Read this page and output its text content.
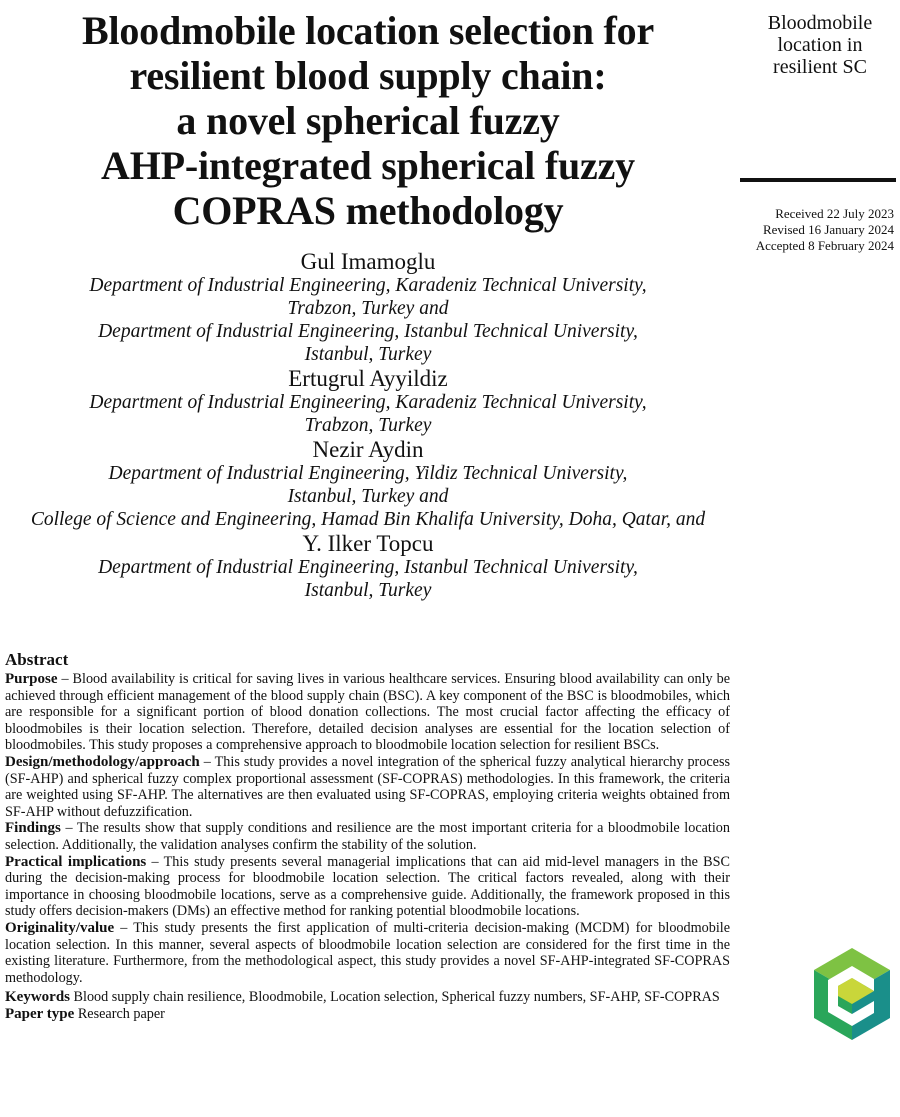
Bloodmobile location selection for
resilient blood supply chain:
a novel spherical fuzzy
AHP-integrated spherical fuzzy
COPRAS methodology
Gul Imamoglu
Department of Industrial Engineering, Karadeniz Technical University,
Trabzon, Turkey and
Department of Industrial Engineering, Istanbul Technical University,
Istanbul, Turkey
Ertugrul Ayyildiz
Department of Industrial Engineering, Karadeniz Technical University,
Trabzon, Turkey
Nezir Aydin
Department of Industrial Engineering, Yildiz Technical University,
Istanbul, Turkey and
College of Science and Engineering, Hamad Bin Khalifa University, Doha, Qatar, and
Y. Ilker Topcu
Department of Industrial Engineering, Istanbul Technical University,
Istanbul, Turkey
Bloodmobile
location in
resilient SC
Received 22 July 2023
Revised 16 January 2024
Accepted 8 February 2024
Abstract

Purpose – Blood availability is critical for saving lives in various healthcare services. Ensuring blood availability can only be achieved through efficient management of the blood supply chain (BSC). A key component of the BSC is bloodmobiles, which are responsible for a significant portion of blood donation collections. The most crucial factor affecting the efficacy of bloodmobiles is their location selection. Therefore, detailed decision analyses are essential for the location selection of bloodmobiles. This study proposes a comprehensive approach to bloodmobile location selection for resilient BSCs.

Design/methodology/approach – This study provides a novel integration of the spherical fuzzy analytical hierarchy process (SF-AHP) and spherical fuzzy complex proportional assessment (SF-COPRAS) methodologies. In this framework, the criteria are weighted using SF-AHP. The alternatives are then evaluated using SF-COPRAS, employing criteria weights obtained from SF-AHP without defuzzification.

Findings – The results show that supply conditions and resilience are the most important criteria for a bloodmobile location selection. Additionally, the validation analyses confirm the stability of the solution.

Practical implications – This study presents several managerial implications that can aid mid-level managers in the BSC during the decision-making process for bloodmobile location selection. The critical factors revealed, along with their importance in choosing bloodmobile locations, serve as a comprehensive guide. Additionally, the framework proposed in this study offers decision-makers (DMs) an effective method for ranking potential bloodmobile locations.

Originality/value – This study presents the first application of multi-criteria decision-making (MCDM) for bloodmobile location selection. In this manner, several aspects of bloodmobile location selection are considered for the first time in the existing literature. Furthermore, from the methodological aspect, this study provides a novel SF-AHP-integrated SF-COPRAS methodology.

Keywords Blood supply chain resilience, Bloodmobile, Location selection, Spherical fuzzy numbers, SF-AHP, SF-COPRAS

Paper type Research paper
